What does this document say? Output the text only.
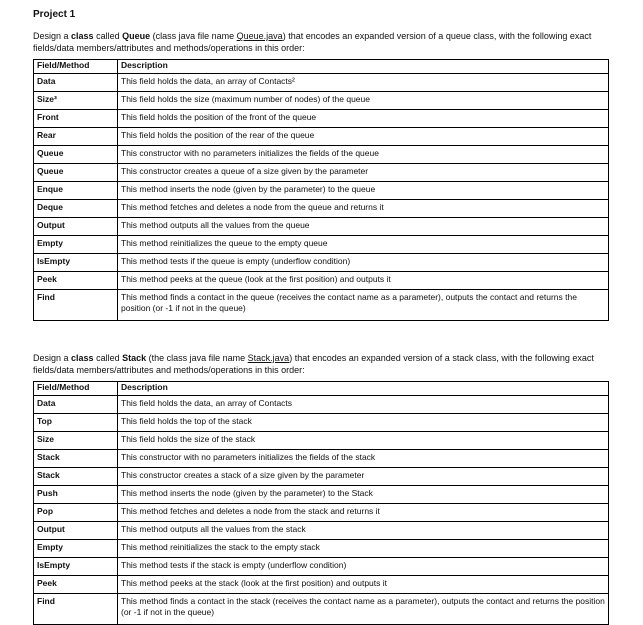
Project 1
Design a class called Queue (class java file name Queue.java) that encodes an expanded version of a queue class, with the following exact fields/data members/attributes and methods/operations in this order:
Field/Method	Description
Data	This field holds the data, an array of Contacts²
Size³	This field holds the size (maximum number of nodes) of the queue
Front	This field holds the position of the front of the queue
Rear	This field holds the position of the rear of the queue
Queue	This constructor with no parameters initializes the fields of the queue
Queue	This constructor creates a queue of a size given by the parameter
Enque	This method inserts the node (given by the parameter) to the queue
Deque	This method fetches and deletes a node from the queue and returns it
Output	This method outputs all the values from the queue
Empty	This method reinitializes the queue to the empty queue
IsEmpty	This method tests if the queue is empty (underflow condition)
Peek	This method peeks at the queue (look at the first position) and outputs it
Find	This method finds a contact in the queue (receives the contact name as a parameter), outputs the contact and returns the position (or -1 if not in the queue)
Design a class called Stack (the class java file name Stack.java) that encodes an expanded version of a stack class, with the following exact fields/data members/attributes and methods/operations in this order:
Field/Method	Description
Data	This field holds the data, an array of Contacts
Top	This field holds the top of the stack
Size	This field holds the size of the stack
Stack	This constructor with no parameters initializes the fields of the stack
Stack	This constructor creates a stack of a size given by the parameter
Push	This method inserts the node (given by the parameter) to the Stack
Pop	This method fetches and deletes a node from the stack and returns it
Output	This method outputs all the values from the stack
Empty	This method reinitializes the stack to the empty stack
IsEmpty	This method tests if the stack is empty (underflow condition)
Peek	This method peeks at the stack (look at the first position) and outputs it
Find	This method finds a contact in the stack (receives the contact name as a parameter), outputs the contact and returns the position (or -1 if not in the queue)
